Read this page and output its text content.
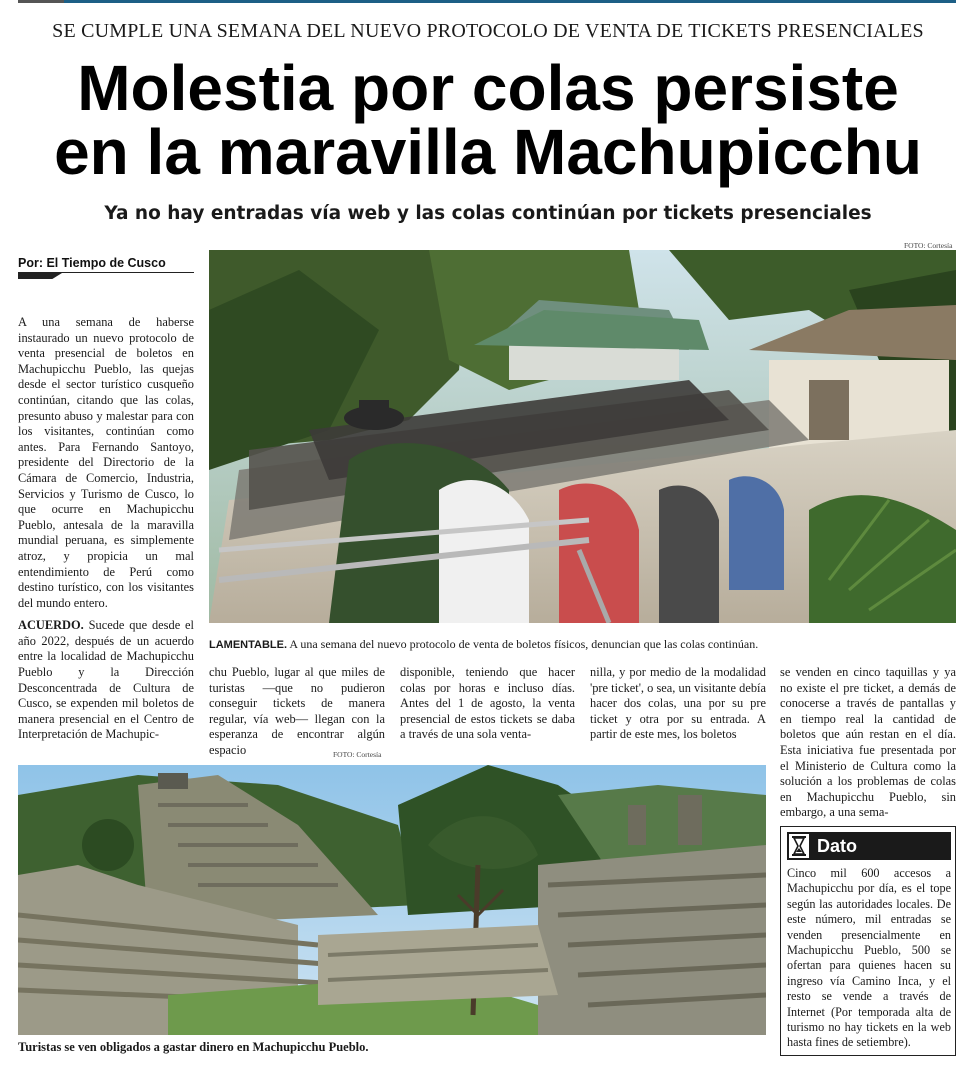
SE CUMPLE UNA SEMANA DEL NUEVO PROTOCOLO DE VENTA DE TICKETS PRESENCIALES
Molestia por colas persiste
en la maravilla Machupicchu
Ya no hay entradas vía web y las colas continúan por tickets presenciales
Por: El Tiempo de Cusco
FOTO: Cortesía
LAMENTABLE. A una semana del nuevo protocolo de venta de boletos físicos, denuncian que las colas continúan.

A una semana de haberse instaurado un nuevo protocolo de venta presencial de boletos en Machupicchu Pueblo, las quejas desde el sector turístico cusqueño continúan, citando que las colas, presunto abuso y malestar para con los visitantes, continúan como antes. Para Fernando Santoyo, presidente del Directorio de la Cámara de Comercio, Industria, Servicios y Turismo de Cusco, lo que ocurre en Machupicchu Pueblo, antesala de la maravilla mundial peruana, es simplemente atroz, y propicia un mal entendimiento de Perú como destino turístico, con los visitantes del mundo entero.

ACUERDO. Sucede que desde el año 2022, después de un acuerdo entre la localidad de Machupicchu Pueblo y la Dirección Desconcentrada de Cultura de Cusco, se expenden mil boletos de manera presencial en el Centro de Interpretación de Machupic-

chu Pueblo, lugar al que miles de turistas —que no pudieron conseguir tickets de manera regular, vía web— llegan con la esperanza de encontrar algún espacio
disponible, teniendo que hacer colas por horas e incluso días. Antes del 1 de agosto, la venta presencial de estos tickets se daba a través de una sola venta-
nilla, y por medio de la modalidad 'pre ticket', o sea, un visitante debía hacer dos colas, una por su pre ticket y otra por su entrada. A partir de este mes, los boletos
se venden en cinco taquillas y ya no existe el pre ticket, a demás de conocerse a través de pantallas y en tiempo real la cantidad de boletos que aún restan en el día. Esta iniciativa fue presentada por el Ministerio de Cultura como la solución a los problemas de colas en Machupicchu Pueblo, sin embargo, a una sema-
FOTO: Cortesía
Turistas se ven obligados a gastar dinero en Machupicchu Pueblo.
Dato
Cinco mil 600 accesos a Machupicchu por día, es el tope según las autoridades locales. De este número, mil entradas se venden presencialmente en Machupicchu Pueblo, 500 se ofertan para quienes hacen su ingreso vía Camino Inca, y el resto se vende a través de Internet (Por temporada alta de turismo no hay tickets en la web hasta fines de setiembre).
